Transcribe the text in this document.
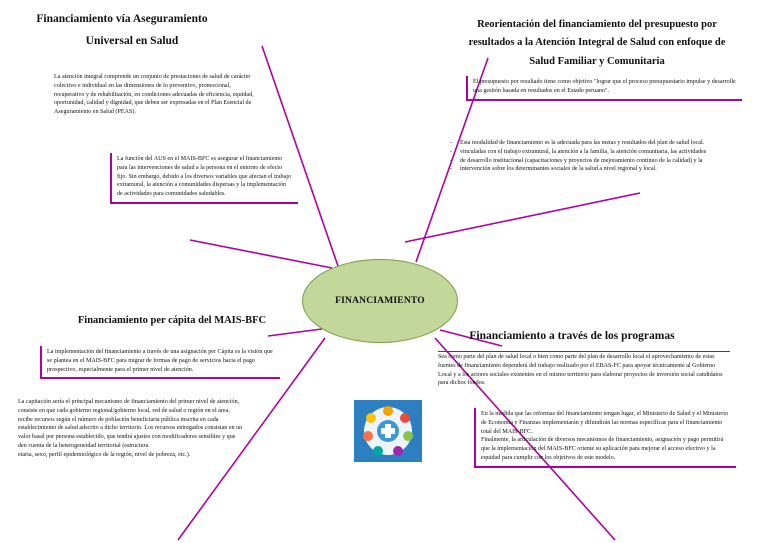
Financiamiento vía Aseguramiento
Universal en Salud
La atención integral comprende un conjunto de prestaciones de salud de carácter colectivo e individual en las dimensiones de lo preventivo, promocional, recuperativo y de rehabilitación, en condiciones adecuadas de eficiencia, equidad, oportunidad, calidad y dignidad, que deben ser expresadas en el Plan Esencial de Aseguramiento en Salud (PEAS).
La función del AUS en el MAIS-BFC es asegurar el financiamiento para las intervenciones de salud a la persona en el entorno de efecto fijo. Sin embargo, debido a los diversos variables que afectan el trabajo extramural, la atención a comunidades dispersas y la implementación de actividades para comunidades saludables.
Reorientación del financiamiento del presupuesto por
resultados a la Atención Integral de Salud con enfoque de
Salud Familiar y Comunitaria
El presupuesto por resultado tiene como objetivo "lograr que el proceso presupuestario impulse y desarrolle una gestión basada en resultados en el Estado peruano".
- Esta modalidad de financiamiento es la adecuada para las metas y resultados del plan de salud local.
- vinculadas con el trabajo extramural, la atención a la familia, la atención comunitaria, las actividades
- de desarrollo institucional (capacitaciones y proyectos de mejoramiento continuo de la calidad) y la
- intervención sobre los determinantes sociales de la salud a nivel regional y local.
FINANCIAMIENTO
Financiamiento per cápita del MAIS-BFC
La implementación del financiamiento a través de una asignación per Cápita es la visión que se plantea en el MAIS-BFC para migrar de formas de pago de servicios hacia el pago prospectivo, especialmente para el primer nivel de atención.
La capitación sería el principal mecanismo de financiamiento del primer nivel de atención, consiste en que cada gobierno regional/gobierno local, red de salud o región en el área, recibe recursos según el número de población beneficiaria pública inscrita en cada establecimiento de salud adscrito a dicho territorio. Los recursos entregados consistan en un valor basal por persona establecido, que tendrá ajustes con modificadores sensibles y que den cuenta de la heterogeneidad territorial (estructura
etaria, sexo, perfil epidemiológico de la región, nivel de pobreza, etc.).
Financiamiento a través de los programas
Sea como parte del plan de salud local o bien como parte del plan de desarrollo local el aprovechamiento de estas fuentes de financiamiento dependerá del trabajo realizado por el EBAS-FC para apoyar técnicamente al Gobierno Local y a los actores sociales existentes en el mismo territorio para elaborar proyectos de inversión social candidatos para dichos fondos.
En la medida que las reformas del financiamiento tengan lugar, el Ministerio de Salud y el Ministerio de Economía y Finanzas implementarán y difundirán las normas específicas para el financiamiento total del MAIS-BFC.
Finalmente, la articulación de diversos mecanismos de financiamiento, asignación y pago permitirá que la implementación del MAIS-BFC oriente su aplicación para mejorar el acceso efectivo y la equidad para cumplir con los objetivos de este modelo.
